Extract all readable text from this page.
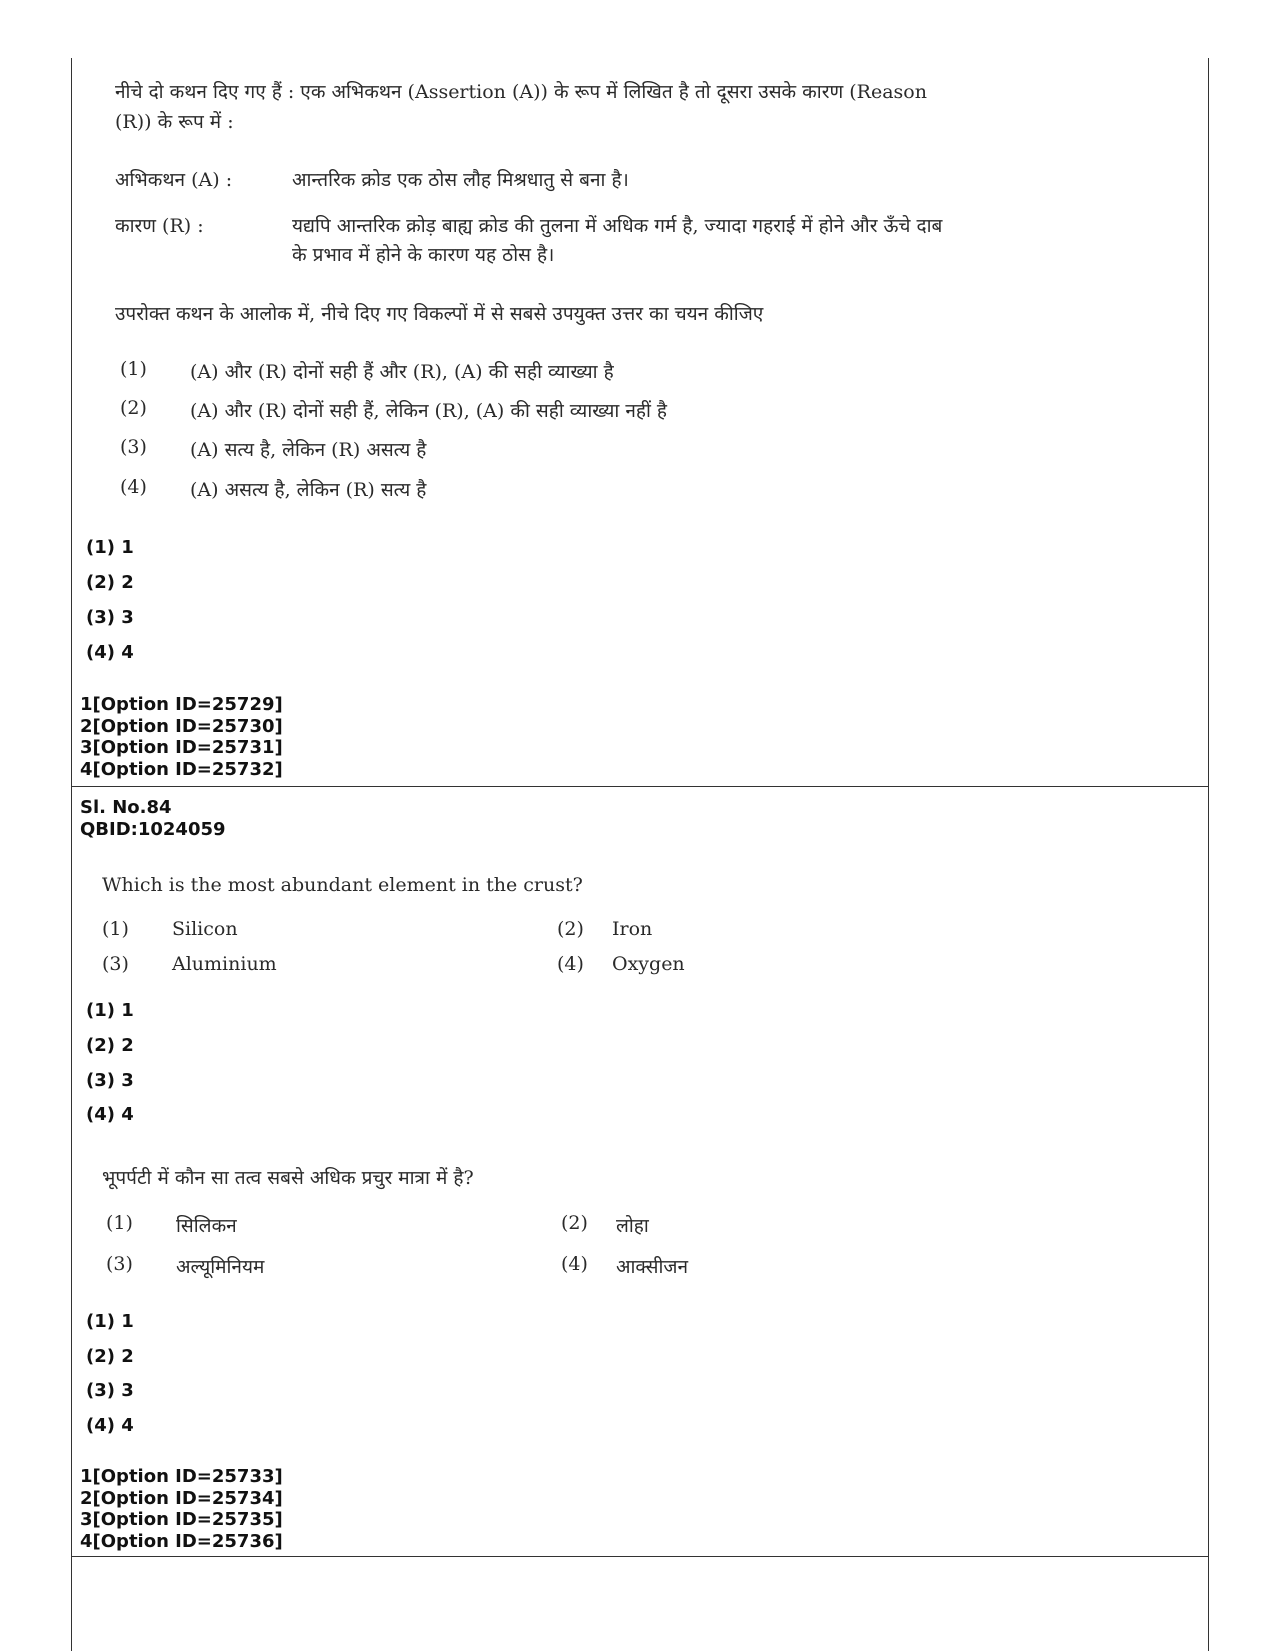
नीचे दो कथन दिए गए हैं : एक अभिकथन (Assertion (A)) के रूप में लिखित है तो दूसरा उसके कारण (Reason
(R)) के रूप में :
अभिकथन (A) :	आन्तरिक क्रोड एक ठोस लौह मिश्रधातु से बना है।
कारण (R) :	यद्यपि आन्तरिक क्रोड़ बाह्य क्रोड की तुलना में अधिक गर्म है, ज्यादा गहराई में होने और ऊँचे दाब
के प्रभाव में होने के कारण यह ठोस है।
उपरोक्त कथन के आलोक में, नीचे दिए गए विकल्पों में से सबसे उपयुक्त उत्तर का चयन कीजिए
(1) (A) और (R) दोनों सही हैं और (R), (A) की सही व्याख्या है
(2) (A) और (R) दोनों सही हैं, लेकिन (R), (A) की सही व्याख्या नहीं है
(3) (A) सत्य है, लेकिन (R) असत्य है
(4) (A) असत्य है, लेकिन (R) सत्य है
(1) 1
(2) 2
(3) 3
(4) 4
1[Option ID=25729]
2[Option ID=25730]
3[Option ID=25731]
4[Option ID=25732]
Sl. No.84
QBID:1024059
Which is the most abundant element in the crust?
(1) Silicon	(2) Iron
(3) Aluminium	(4) Oxygen
(1) 1
(2) 2
(3) 3
(4) 4
भूपर्पटी में कौन सा तत्व सबसे अधिक प्रचुर मात्रा में है?
(1) सिलिकन	(2) लोहा
(3) अल्यूमिनियम	(4) आक्सीजन
(1) 1
(2) 2
(3) 3
(4) 4
1[Option ID=25733]
2[Option ID=25734]
3[Option ID=25735]
4[Option ID=25736]
